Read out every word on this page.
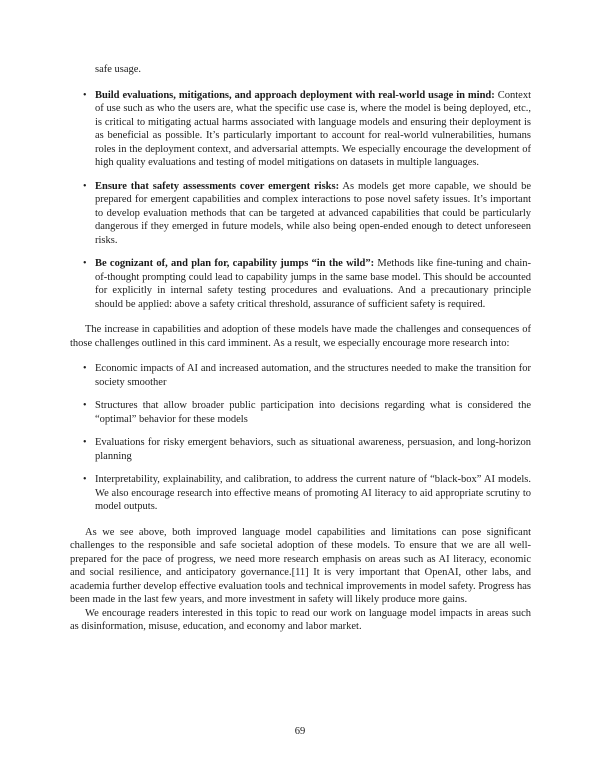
safe usage.
• Build evaluations, mitigations, and approach deployment with real-world usage in mind: Context of use such as who the users are, what the specific use case is, where the model is being deployed, etc., is critical to mitigating actual harms associated with language models and ensuring their deployment is as beneficial as possible. It’s particularly important to account for real-world vulnerabilities, humans roles in the deployment context, and adversarial attempts. We especially encourage the development of high quality evaluations and testing of model mitigations on datasets in multiple languages.
• Ensure that safety assessments cover emergent risks: As models get more capable, we should be prepared for emergent capabilities and complex interactions to pose novel safety issues. It’s important to develop evaluation methods that can be targeted at advanced capabilities that could be particularly dangerous if they emerged in future models, while also being open-ended enough to detect unforeseen risks.
• Be cognizant of, and plan for, capability jumps “in the wild”: Methods like fine-tuning and chain-of-thought prompting could lead to capability jumps in the same base model. This should be accounted for explicitly in internal safety testing procedures and evaluations. And a precautionary principle should be applied: above a safety critical threshold, assurance of sufficient safety is required.

The increase in capabilities and adoption of these models have made the challenges and consequences of those challenges outlined in this card imminent. As a result, we especially encourage more research into:

• Economic impacts of AI and increased automation, and the structures needed to make the transition for society smoother
• Structures that allow broader public participation into decisions regarding what is considered the “optimal” behavior for these models
• Evaluations for risky emergent behaviors, such as situational awareness, persuasion, and long-horizon planning
• Interpretability, explainability, and calibration, to address the current nature of “black-box” AI models. We also encourage research into effective means of promoting AI literacy to aid appropriate scrutiny to model outputs.

As we see above, both improved language model capabilities and limitations can pose significant challenges to the responsible and safe societal adoption of these models. To ensure that we are all well-prepared for the pace of progress, we need more research emphasis on areas such as AI literacy, economic and social resilience, and anticipatory governance.[11] It is very important that OpenAI, other labs, and academia further develop effective evaluation tools and technical improvements in model safety. Progress has been made in the last few years, and more investment in safety will likely produce more gains.

We encourage readers interested in this topic to read our work on language model impacts in areas such as disinformation, misuse, education, and economy and labor market.

69
